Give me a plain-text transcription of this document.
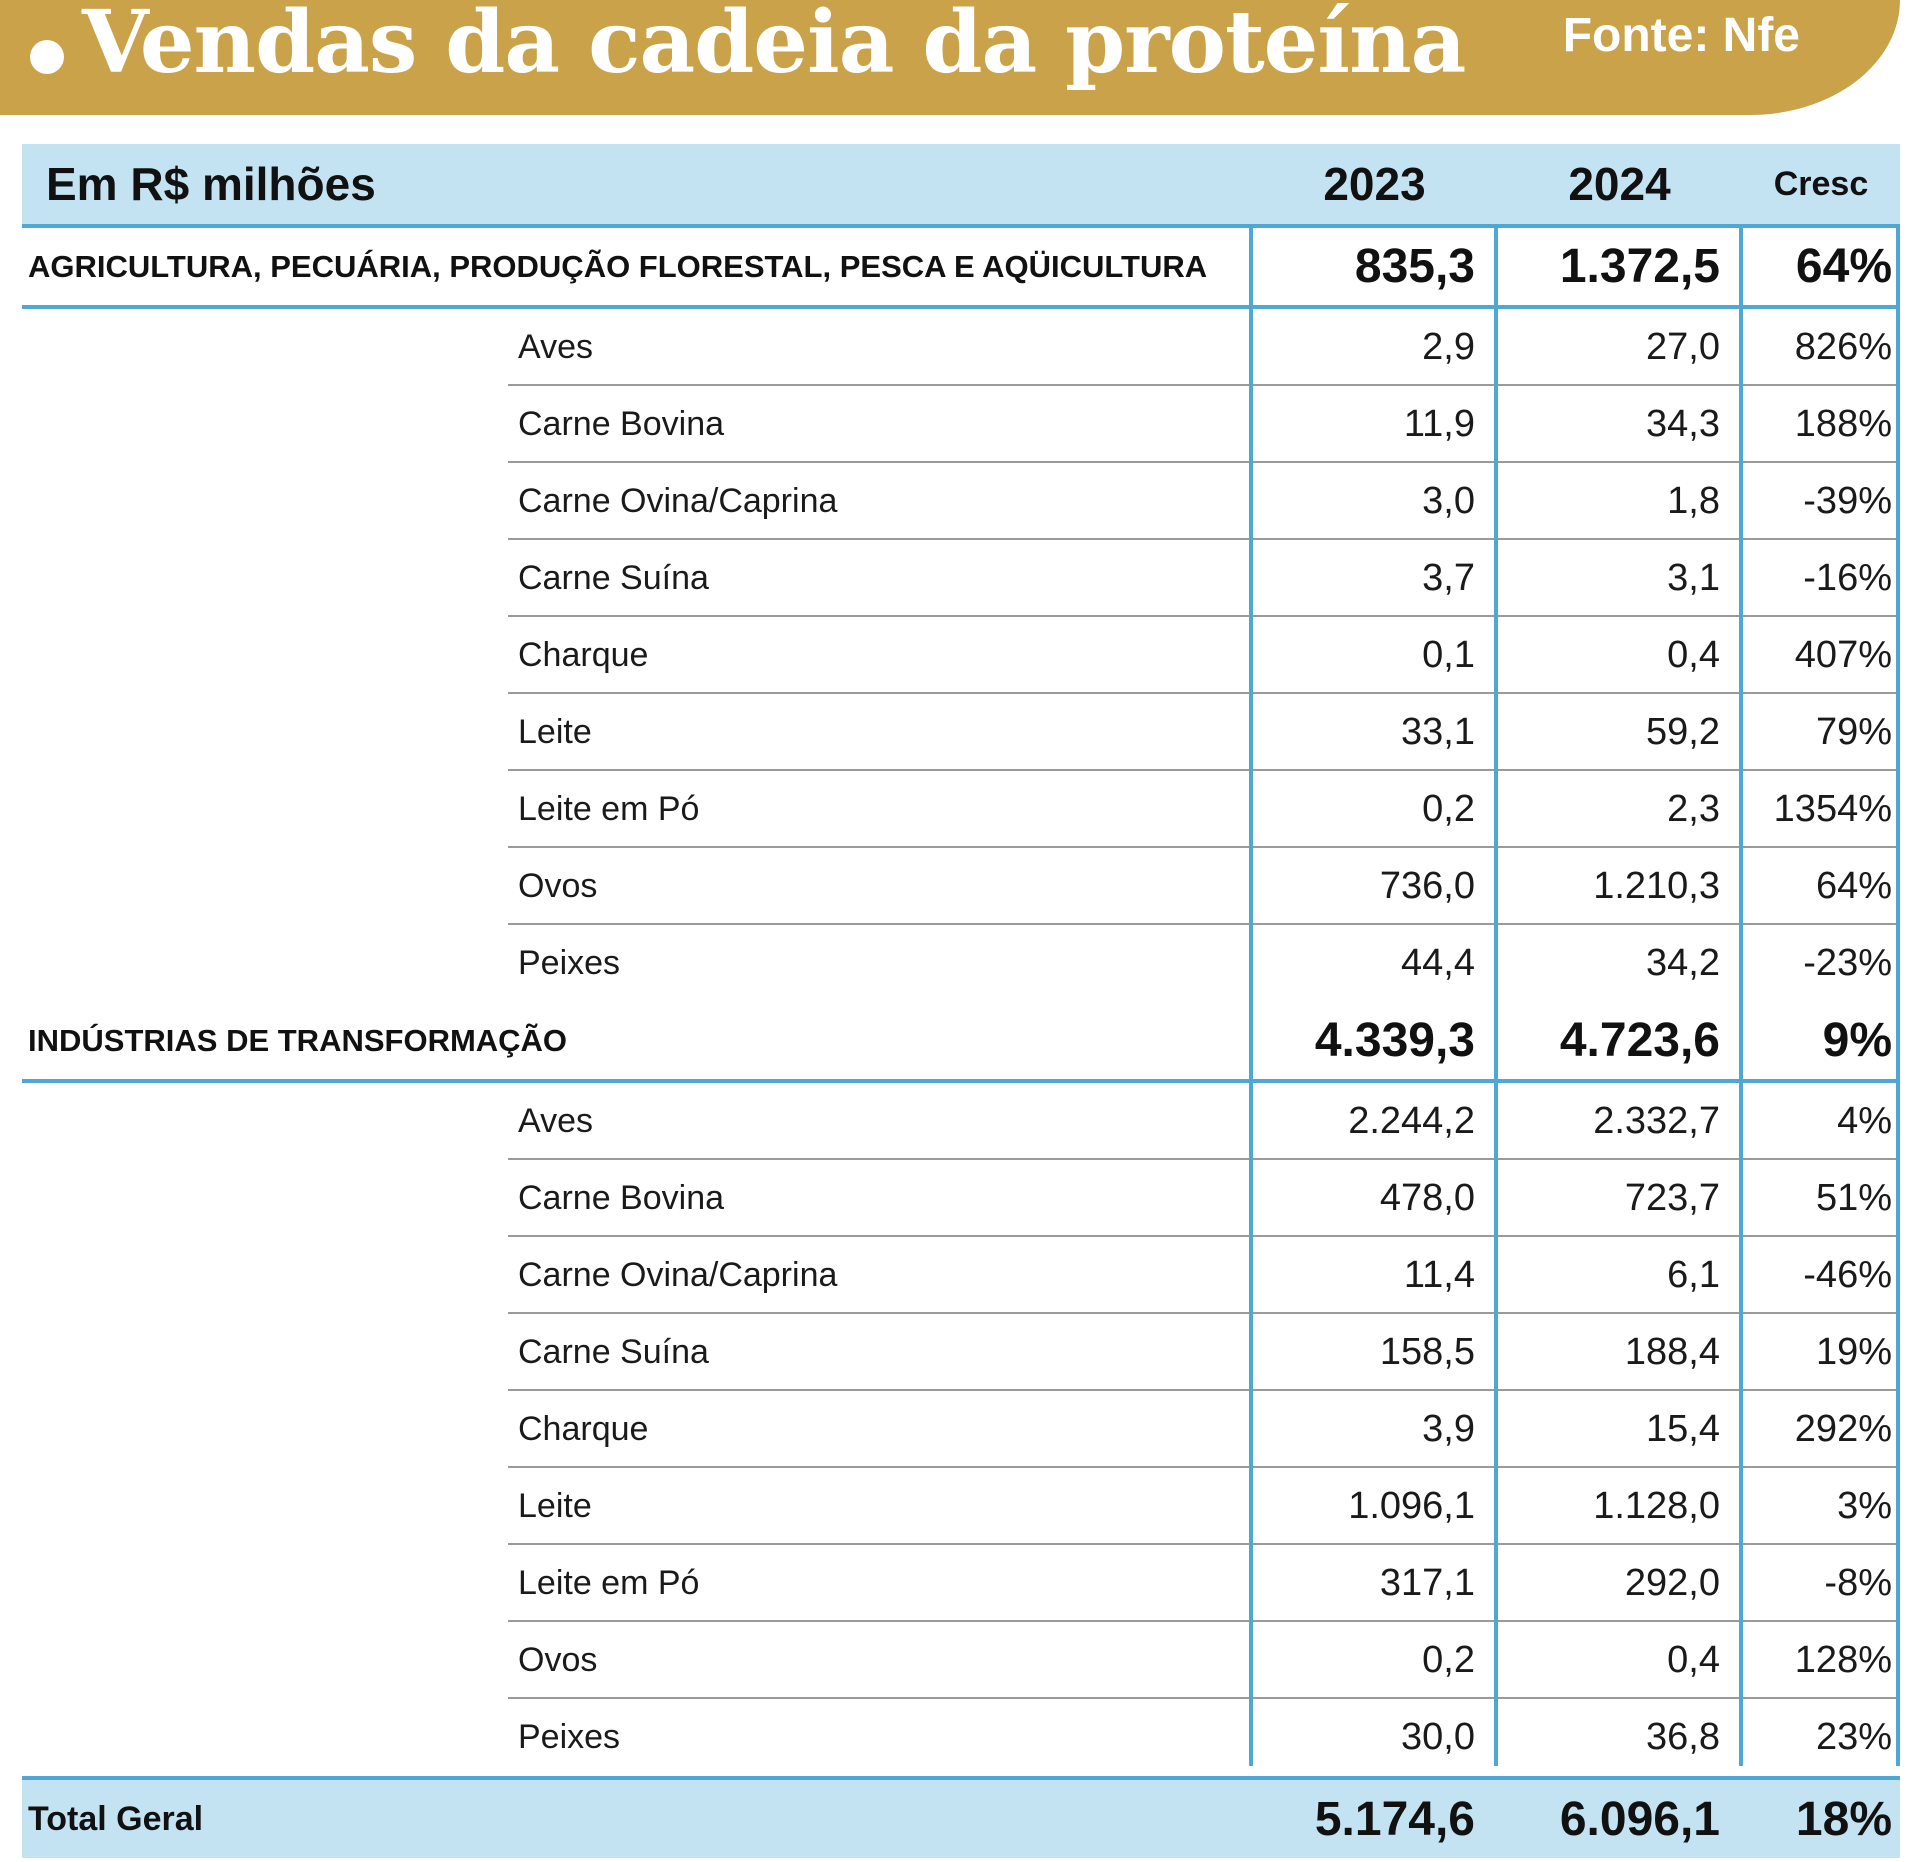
Vendas da cadeia da proteína Fonte: Nfe
Em R$ milhões	2023	2024	Cresc
AGRICULTURA, PECUÁRIA, PRODUÇÃO FLORESTAL, PESCA E AQÜICULTURA	835,3	1.372,5	64%
Aves	2,9	27,0	826%
Carne Bovina	11,9	34,3	188%
Carne Ovina/Caprina	3,0	1,8	-39%
Carne Suína	3,7	3,1	-16%
Charque	0,1	0,4	407%
Leite	33,1	59,2	79%
Leite em Pó	0,2	2,3	1354%
Ovos	736,0	1.210,3	64%
Peixes	44,4	34,2	-23%
INDÚSTRIAS DE TRANSFORMAÇÃO	4.339,3	4.723,6	9%
Aves	2.244,2	2.332,7	4%
Carne Bovina	478,0	723,7	51%
Carne Ovina/Caprina	11,4	6,1	-46%
Carne Suína	158,5	188,4	19%
Charque	3,9	15,4	292%
Leite	1.096,1	1.128,0	3%
Leite em Pó	317,1	292,0	-8%
Ovos	0,2	0,4	128%
Peixes	30,0	36,8	23%
Total Geral	5.174,6	6.096,1	18%
